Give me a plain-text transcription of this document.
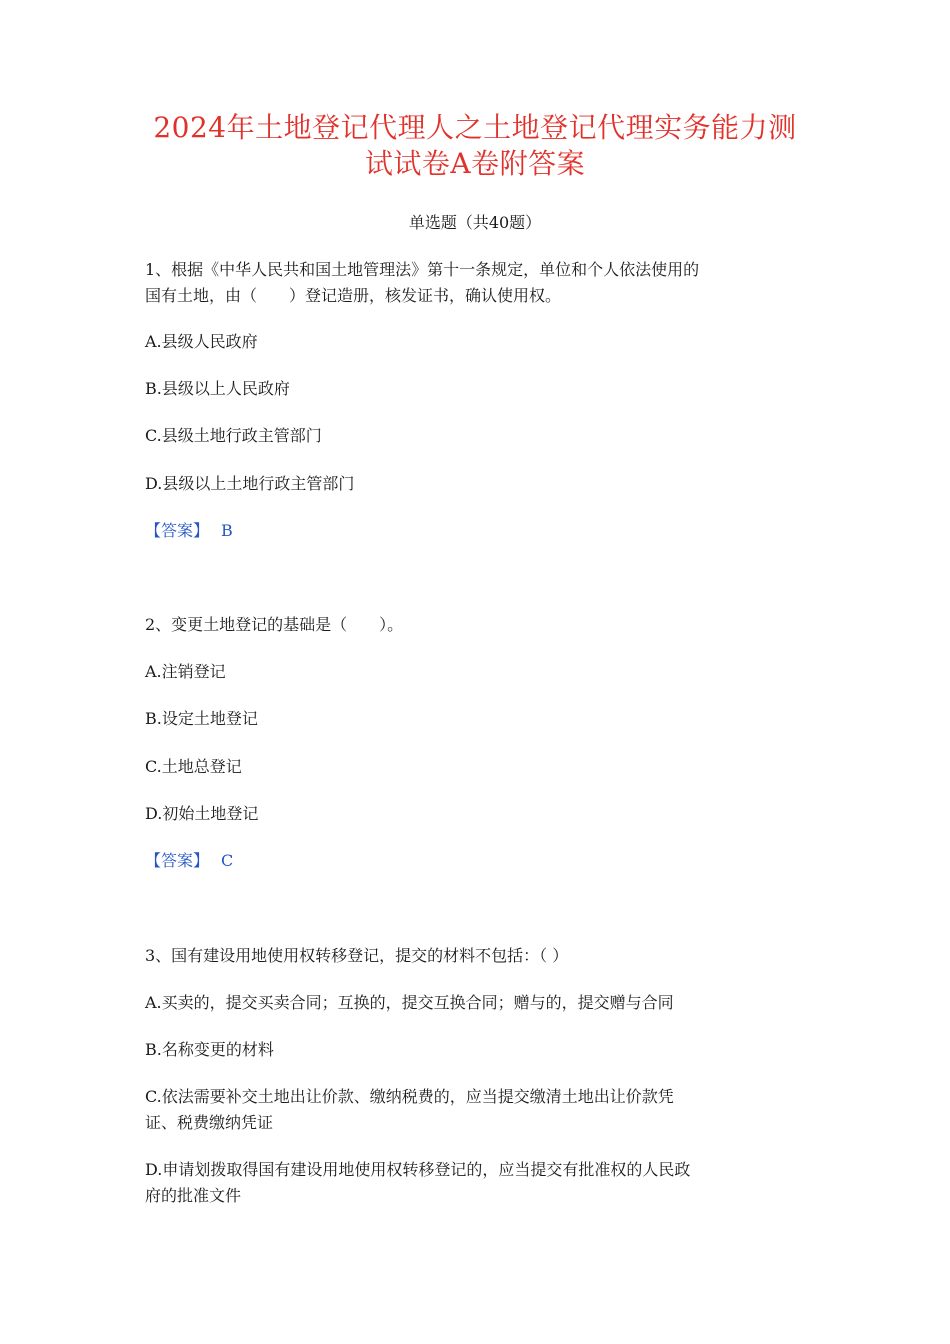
2024年土地登记代理人之土地登记代理实务能力测
试试卷A卷附答案
单选题（共40题）
1、根据《中华人民共和国土地管理法》第十一条规定，单位和个人依法使用的
国有土地，由（　　）登记造册，核发证书，确认使用权。
A.县级人民政府
B.县级以上人民政府
C.县级土地行政主管部门
D.县级以上土地行政主管部门
【答案】 B
2、变更土地登记的基础是（　　）。
A.注销登记
B.设定土地登记
C.土地总登记
D.初始土地登记
【答案】 C
3、国有建设用地使用权转移登记，提交的材料不包括：（ ）
A.买卖的，提交买卖合同；互换的，提交互换合同；赠与的，提交赠与合同
B.名称变更的材料
C.依法需要补交土地出让价款、缴纳税费的，应当提交缴清土地出让价款凭
证、税费缴纳凭证
D.申请划拨取得国有建设用地使用权转移登记的，应当提交有批准权的人民政
府的批准文件
